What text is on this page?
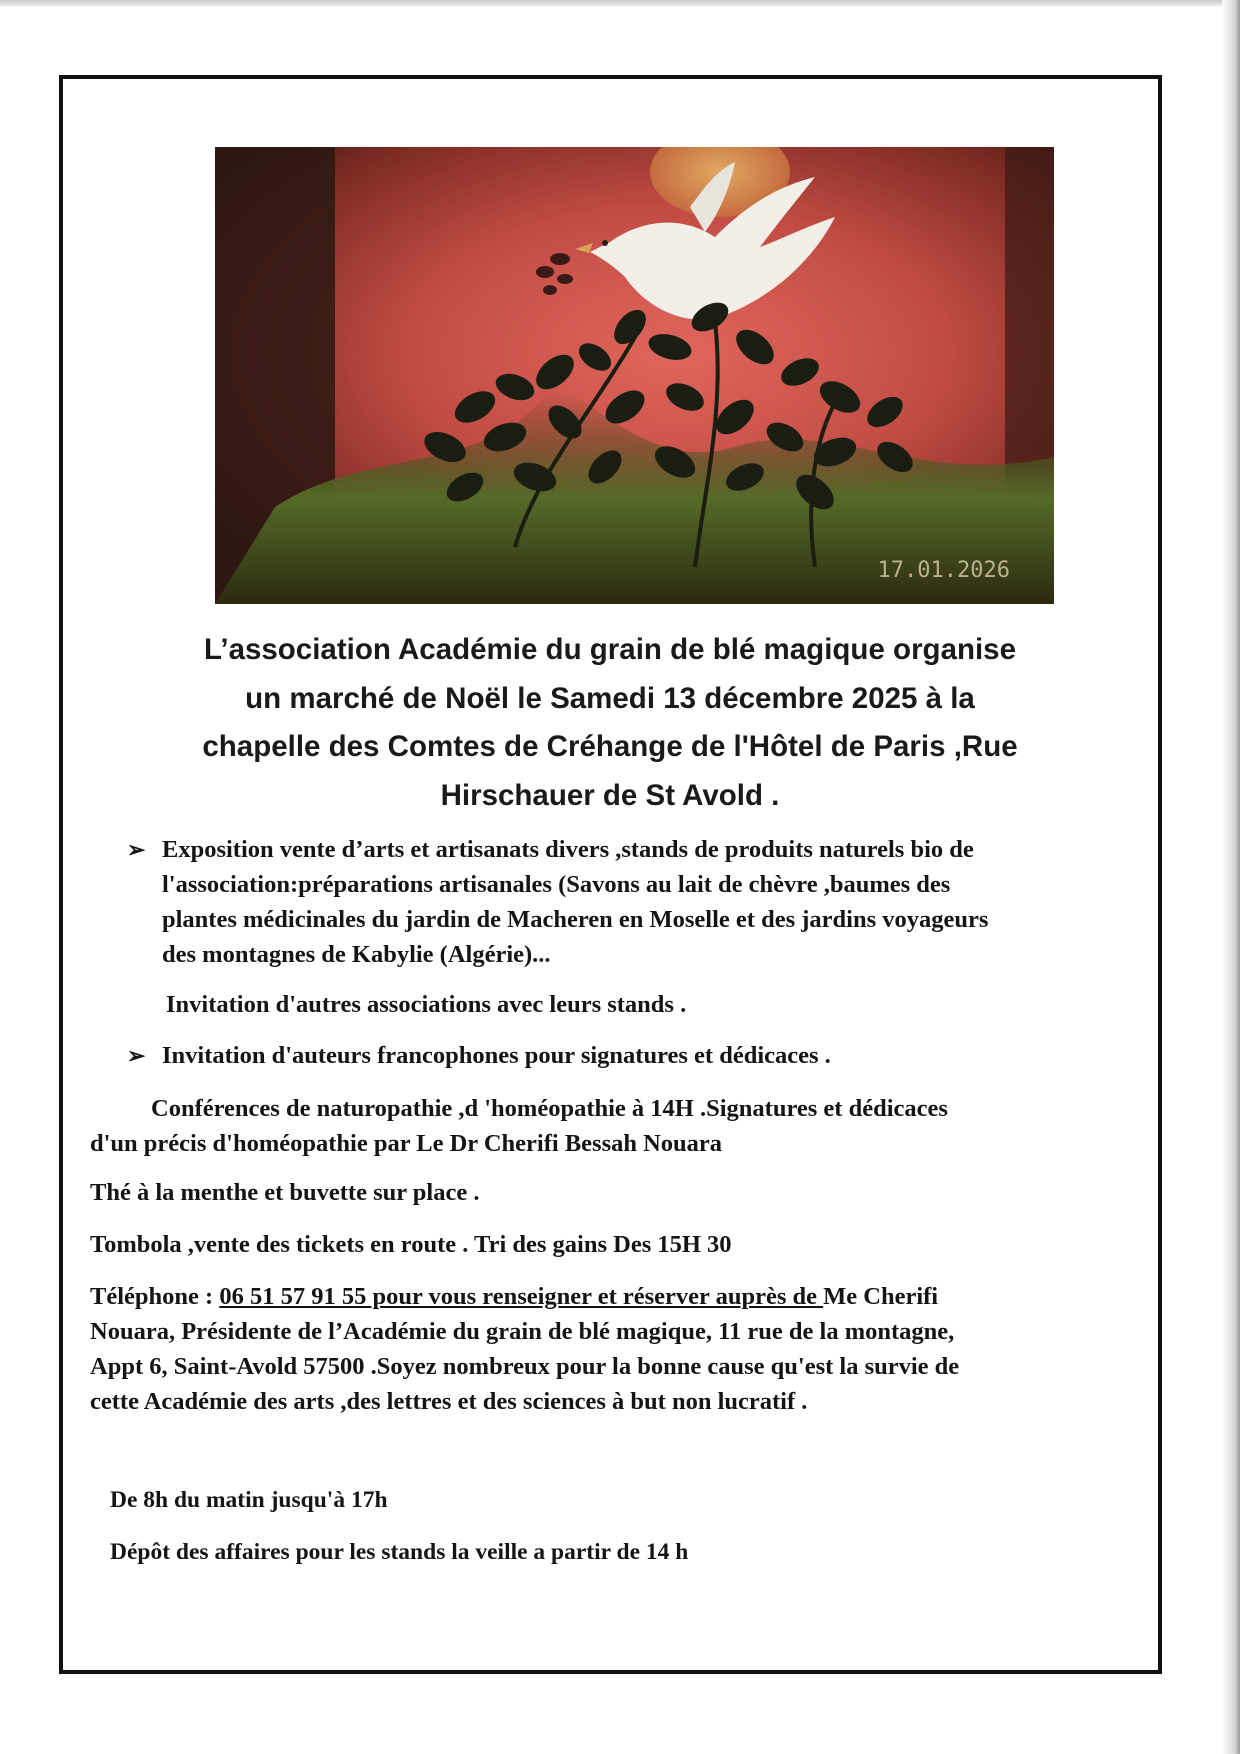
17.01.2026
L’association Académie du grain de blé magique organise
un marché de Noël le Samedi 13 décembre 2025 à la
chapelle des Comtes de Créhange de l'Hôtel de Paris ,Rue
Hirschauer de St Avold .
➢ Exposition vente d’arts et artisanats divers ,stands de produits naturels bio de
l'association:préparations artisanales (Savons au lait de chèvre ,baumes des
plantes médicinales du jardin de Macheren en Moselle et des jardins voyageurs
des montagnes de Kabylie (Algérie)...
Invitation d'autres associations avec leurs stands .
➢ Invitation d'auteurs francophones pour signatures et dédicaces .
Conférences de naturopathie ,d 'homéopathie à 14H .Signatures et dédicaces
d'un précis d'homéopathie par Le Dr Cherifi Bessah Nouara
Thé à la menthe et buvette sur place .
Tombola ,vente des tickets en route . Tri des gains Des 15H 30
Téléphone : 06 51 57 91 55 pour vous renseigner et réserver auprès de Me Cherifi
Nouara, Présidente de l’Académie du grain de blé magique, 11 rue de la montagne,
Appt 6, Saint-Avold 57500 .Soyez nombreux pour la bonne cause qu'est la survie de
cette Académie des arts ,des lettres et des sciences à but non lucratif .
De 8h du matin jusqu'à 17h
Dépôt des affaires pour les stands la veille a partir de 14 h
